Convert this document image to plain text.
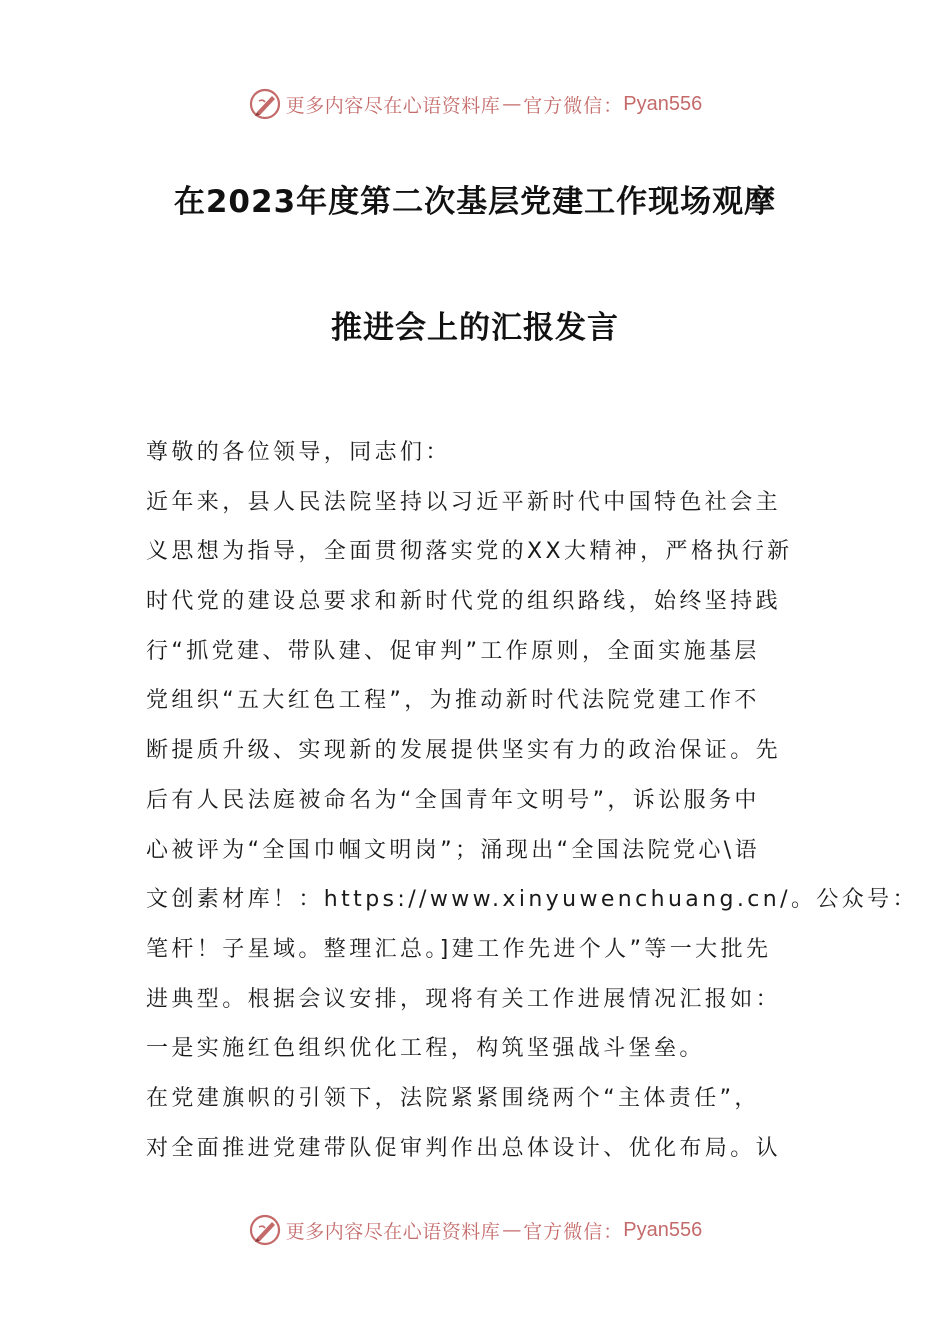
更多内容尽在心语资料库 — 官方微信： Pyan556
在2023年度第二次基层党建工作现场观摩
推进会上的汇报发言
尊敬的各位领导，同志们：
近年来，县人民法院坚持以习近平新时代中国特色社会主
义思想为指导，全面贯彻落实党的XX大精神，严格执行新
时代党的建设总要求和新时代党的组织路线，始终坚持践
行“抓党建、带队建、促审判”工作原则，全面实施基层
党组织“五大红色工程”，为推动新时代法院党建工作不
断提质升级、实现新的发展提供坚实有力的政治保证。先
后有人民法庭被命名为“全国青年文明号”，诉讼服务中
心被评为“全国巾帼文明岗”；涌现出“全国法院党心\语
文创素材库！：https://www.xinyuwenchuang.cn/。公众号：
笔杆！子星域。整理汇总。]建工作先进个人”等一大批先
进典型。根据会议安排，现将有关工作进展情况汇报如：
一是实施红色组织优化工程，构筑坚强战斗堡垒。
在党建旗帜的引领下，法院紧紧围绕两个“主体责任”，
对全面推进党建带队促审判作出总体设计、优化布局。认
更多内容尽在心语资料库 — 官方微信： Pyan556
